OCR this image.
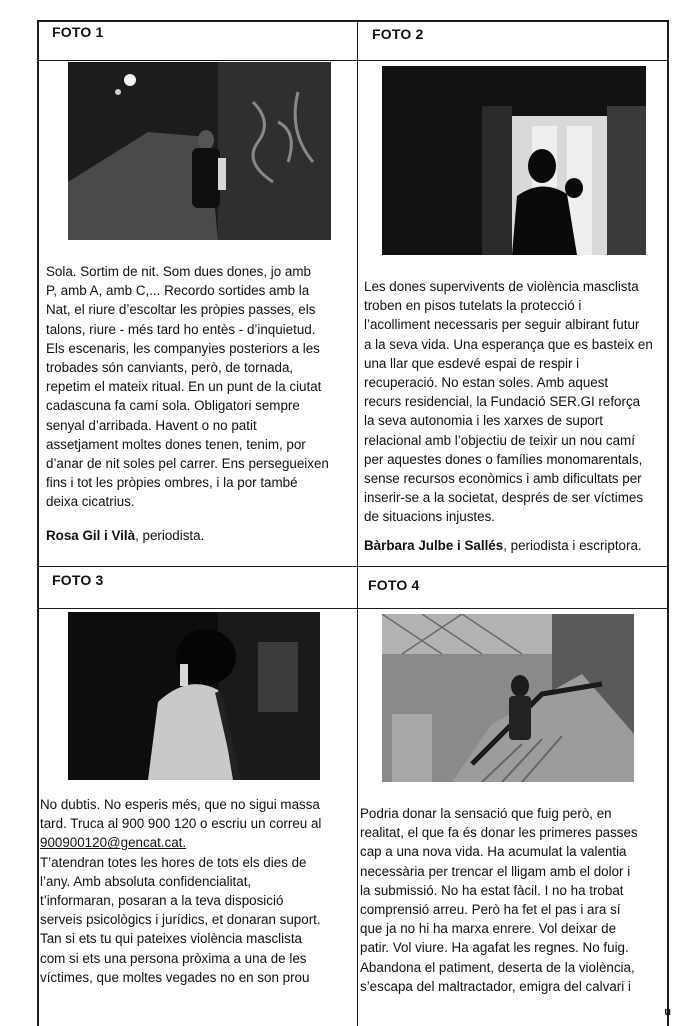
FOTO 1

Sola. Sortim de nit. Som dues dones, jo amb

P, amb A, amb C,... Recordo sortides amb la

Nat, el riure d’escoltar les pròpies passes, els

talons, riure - més tard ho entès - d’inquietud.

Els escenaris, les companyies posteriors a les

trobades són canviants, però, de tornada,

repetim el mateix ritual. En un punt de la ciutat

cadascuna fa camí sola. Obligatori sempre

senyal d’arribada. Havent o no patit

assetjament moltes dones tenen, tenim, por

d’anar de nit soles pel carrer. Ens persegueixen

fins i tot les pròpies ombres, i la por també

deixa cicatrius.

Rosa Gil i Vilà, periodista.
FOTO 2

Les dones supervivents de violència masclista

troben en pisos tutelats la protecció i

l’acolliment necessaris per seguir albirant futur

a la seva vida. Una esperança que es basteix en

una llar que esdevé espai de respir i

recuperació. No estan soles. Amb aquest

recurs residencial, la Fundació SER.GI reforça

la seva autonomia i les xarxes de suport

relacional amb l’objectiu de teixir un nou camí

per aquestes dones o famílies monomarentals,

sense recursos econòmics i amb dificultats per

inserir-se a la societat, després de ser víctimes

de situacions injustes.

Bàrbara Julbe i Sallés, periodista i escriptora.
FOTO 3

No dubtis. No esperis més, que no sigui massa

tard. Truca al 900 900 120 o escriu un correu al

900900120@gencat.cat.

T’atendran totes les hores de tots els dies de

l’any. Amb absoluta confidencialitat,

t’informaran, posaran a la teva disposició

serveis psicològics i jurídics, et donaran suport.

Tan si ets tu qui pateixes violència masclista

com si ets una persona pròxima a una de les

víctimes, que moltes vegades no en son prou

FOTO 4

Podria donar la sensació que fuig però, en

realitat, el que fa és donar les primeres passes

cap a una nova vida. Ha acumulat la valentia

necessària per trencar el lligam amb el dolor i

la submissió. No ha estat fàcil. I no ha trobat

comprensió arreu. Però ha fet el pas i ara sí

que ja no hi ha marxa enrere. Vol deixar de

patir. Vol viure. Ha agafat les regnes. No fuig.

Abandona el patiment, deserta de la violència,

s’escapa del maltractador, emigra del calvari i

u
